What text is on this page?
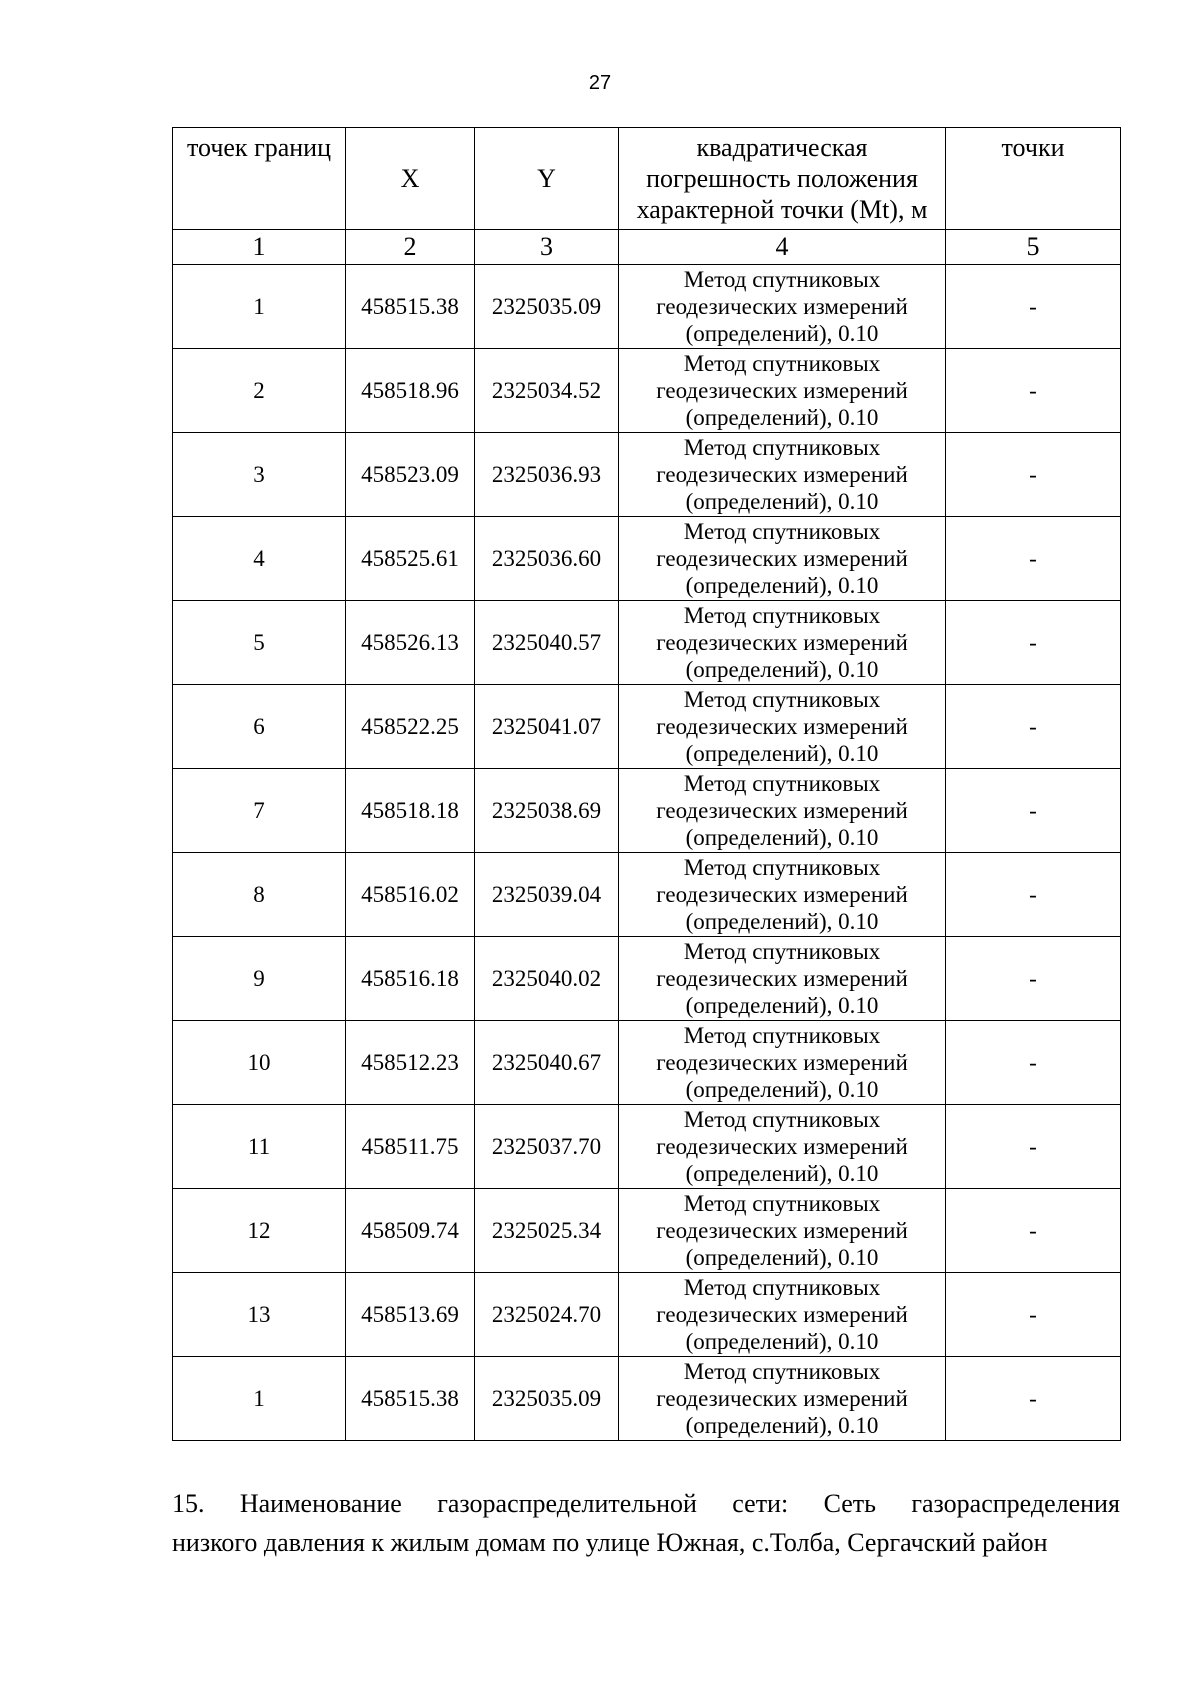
27
точек границ	X	Y	квадратическая погрешность положения характерной точки (Mt), м	точки
1	2	3	4	5
1	458515.38	2325035.09	Метод спутниковых геодезических измерений (определений), 0.10	-
2	458518.96	2325034.52	Метод спутниковых геодезических измерений (определений), 0.10	-
3	458523.09	2325036.93	Метод спутниковых геодезических измерений (определений), 0.10	-
4	458525.61	2325036.60	Метод спутниковых геодезических измерений (определений), 0.10	-
5	458526.13	2325040.57	Метод спутниковых геодезических измерений (определений), 0.10	-
6	458522.25	2325041.07	Метод спутниковых геодезических измерений (определений), 0.10	-
7	458518.18	2325038.69	Метод спутниковых геодезических измерений (определений), 0.10	-
8	458516.02	2325039.04	Метод спутниковых геодезических измерений (определений), 0.10	-
9	458516.18	2325040.02	Метод спутниковых геодезических измерений (определений), 0.10	-
10	458512.23	2325040.67	Метод спутниковых геодезических измерений (определений), 0.10	-
11	458511.75	2325037.70	Метод спутниковых геодезических измерений (определений), 0.10	-
12	458509.74	2325025.34	Метод спутниковых геодезических измерений (определений), 0.10	-
13	458513.69	2325024.70	Метод спутниковых геодезических измерений (определений), 0.10	-
1	458515.38	2325035.09	Метод спутниковых геодезических измерений (определений), 0.10	-
15. Наименование газораспределительной сети: Сеть газораспределения
низкого давления к жилым домам по улице Южная, с.Толба, Сергачский район
